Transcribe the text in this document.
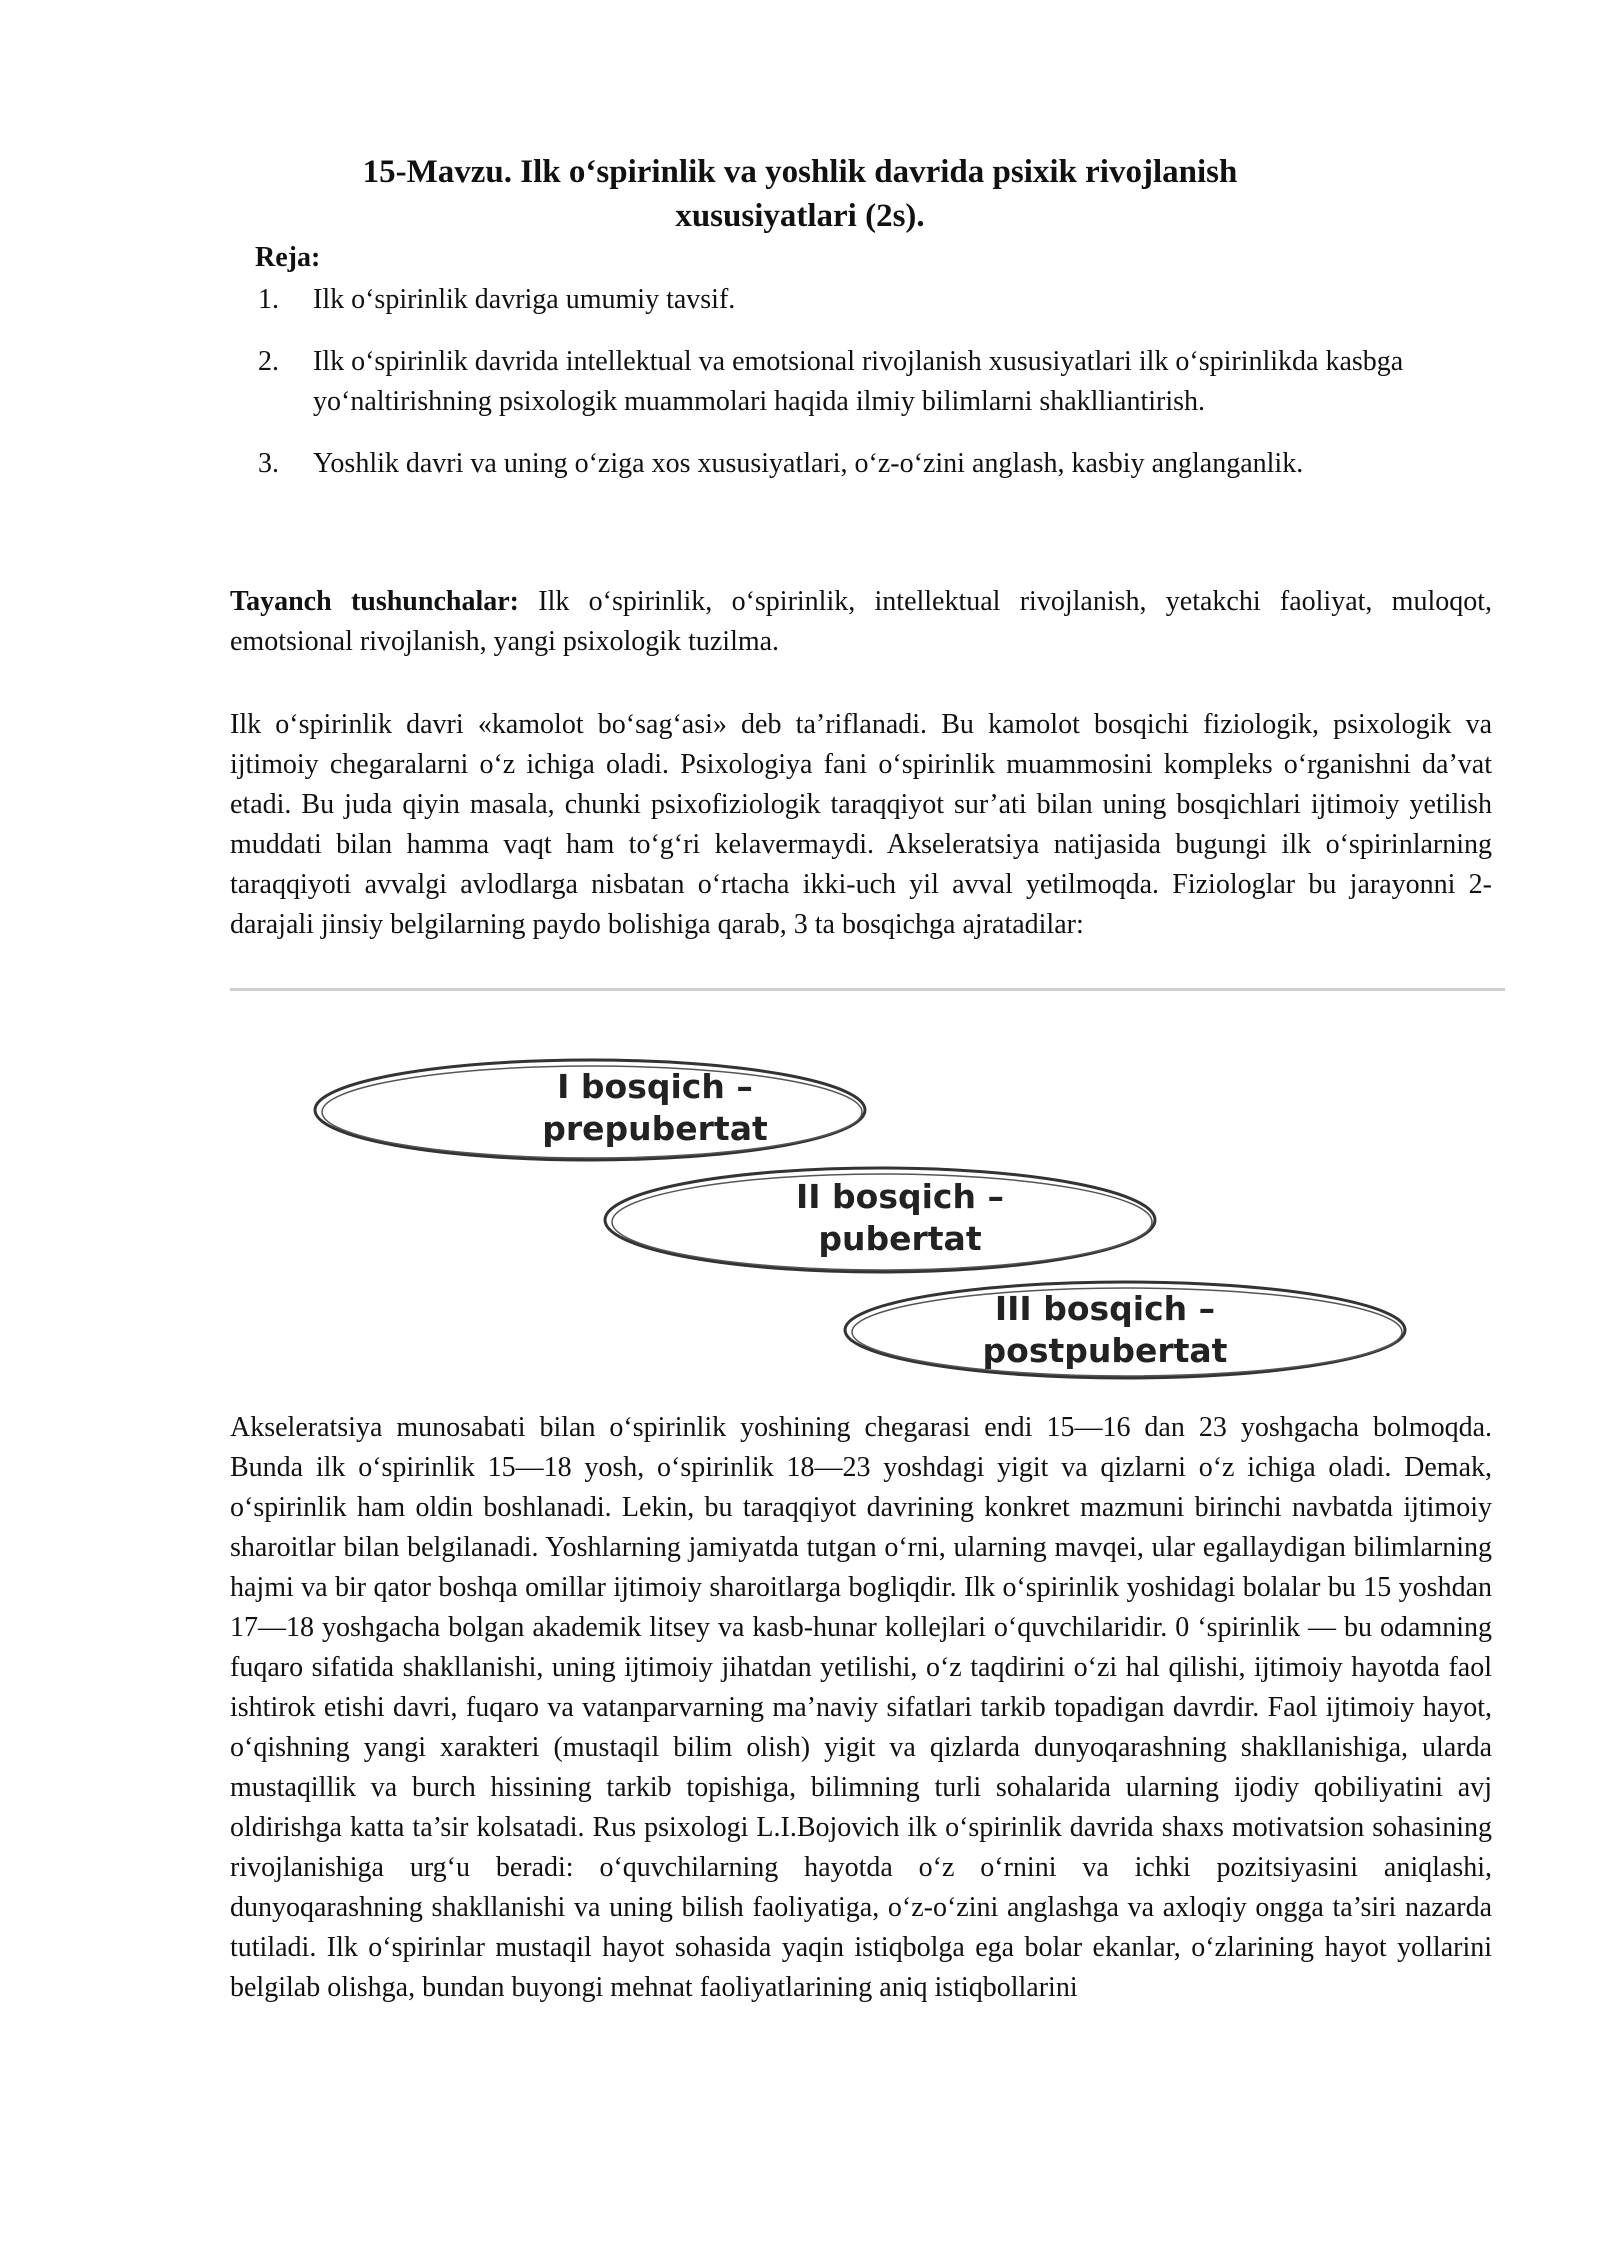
15-Mavzu. Ilk o‘spirinlik va yoshlik davrida psixik rivojlanish
xususiyatlari (2s).

Reja:

1. Ilk o‘spirinlik davriga umumiy tavsif.
2. Ilk o‘spirinlik davrida intellektual va emotsional rivojlanish xususiyatlari ilk o‘spirinlikda kasbga yo‘naltirishning psixologik muammolari haqida ilmiy bilimlarni shaklliantirish.
3. Yoshlik davri va uning o‘ziga xos xususiyatlari, o‘z-o‘zini anglash, kasbiy anglanganlik.

Tayanch tushunchalar: Ilk o‘spirinlik, o‘spirinlik, intellektual rivojlanish, yetakchi faoliyat, muloqot, emotsional rivojlanish, yangi psixologik tuzilma.

Ilk o‘spirinlik davri «kamolot bo‘sag‘asi» deb ta’riflanadi. Bu kamolot bosqichi fiziologik, psixologik va ijtimoiy chegaralarni o‘z ichiga oladi. Psixologiya fani o‘spirinlik muammosini kompleks o‘rganishni da’vat etadi. Bu juda qiyin masala, chunki psixofiziologik taraqqiyot sur’ati bilan uning bosqichlari ijtimoiy yetilish muddati bilan hamma vaqt ham to‘g‘ri kelavermaydi. Akseleratsiya natijasida bugungi ilk o‘spirinlarning taraqqiyoti avvalgi avlodlarga nisbatan o‘rtacha ikki-uch yil avval yetilmoqda. Fiziologlar bu jarayonni 2-darajali jinsiy belgilarning paydo bolishiga qarab, 3 ta bosqichga ajratadilar:

I bosqich –
prepubertat
II bosqich –
pubertat
III bosqich –
postpubertat

Akseleratsiya munosabati bilan o‘spirinlik yoshining chegarasi endi 15—16 dan 23 yoshgacha bolmoqda. Bunda ilk o‘spirinlik 15—18 yosh, o‘spirinlik 18—23 yoshdagi yigit va qizlarni o‘z ichiga oladi. Demak, o‘spirinlik ham oldin boshlanadi. Lekin, bu taraqqiyot davrining konkret mazmuni birinchi navbatda ijtimoiy sharoitlar bilan belgilanadi. Yoshlarning jamiyatda tutgan o‘rni, ularning mavqei, ular egallaydigan bilimlarning hajmi va bir qator boshqa omillar ijtimoiy sharoitlarga bogliqdir. Ilk o‘spirinlik yoshidagi bolalar bu 15 yoshdan 17—18 yoshgacha bolgan akademik litsey va kasb-hunar kollejlari o‘quvchilaridir. 0 ‘spirinlik — bu odamning fuqaro sifatida shakllanishi, uning ijtimoiy jihatdan yetilishi, o‘z taqdirini o‘zi hal qilishi, ijtimoiy hayotda faol ishtirok etishi davri, fuqaro va vatanparvarning ma’naviy sifatlari tarkib topadigan davrdir. Faol ijtimoiy hayot, o‘qishning yangi xarakteri (mustaqil bilim olish) yigit va qizlarda dunyoqarashning shakllanishiga, ularda mustaqillik va burch hissining tarkib topishiga, bilimning turli sohalarida ularning ijodiy qobiliyatini avj oldirishga katta ta’sir kolsatadi. Rus psixologi L.I.Bojovich ilk o‘spirinlik davrida shaxs motivatsion sohasining rivojlanishiga urg‘u beradi: o‘quvchilarning hayotda o‘z o‘rnini va ichki pozitsiyasini aniqlashi, dunyoqarashning shakllanishi va uning bilish faoliyatiga, o‘z-o‘zini anglashga va axloqiy ongga ta’siri nazarda tutiladi. Ilk o‘spirinlar mustaqil hayot sohasida yaqin istiqbolga ega bolar ekanlar, o‘zlarining hayot yollarini belgilab olishga, bundan buyongi mehnat faoliyatlarining aniq istiqbollarini
